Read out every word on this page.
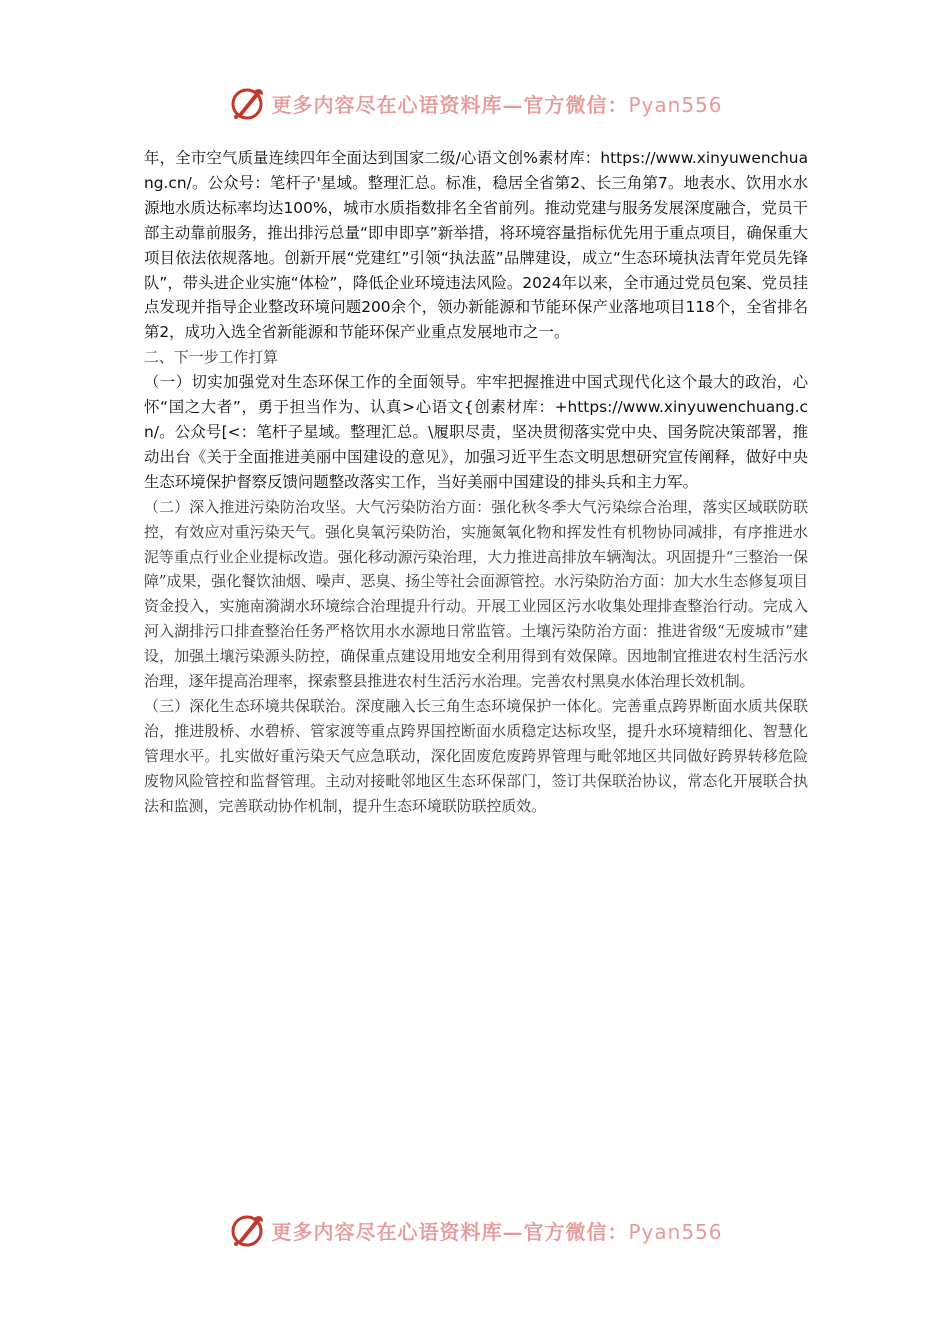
更多内容尽在心语资料库—官方微信：Pyan556

年，全市空气质量连续四年全面达到国家二级/心语文创%素材库：https://www.xinyuwenchuang.cn/。公众号：笔杆子'星域。整理汇总。标准，稳居全省第2、长三角第7。地表水、饮用水水源地水质达标率均达100%，城市水质指数排名全省前列。推动党建与服务发展深度融合，党员干部主动靠前服务，推出排污总量“即申即享”新举措，将环境容量指标优先用于重点项目，确保重大项目依法依规落地。创新开展“党建红”引领“执法蓝”品牌建设，成立“生态环境执法青年党员先锋队”，带头进企业实施“体检”，降低企业环境违法风险。2024年以来，全市通过党员包案、党员挂点发现并指导企业整改环境问题200余个，领办新能源和节能环保产业落地项目118个，全省排名第2，成功入选全省新能源和节能环保产业重点发展地市之一。

二、下一步工作打算

（一）切实加强党对生态环保工作的全面领导。牢牢把握推进中国式现代化这个最大的政治，心怀“国之大者”，勇于担当作为、认真>心语文{创素材库：+https://www.xinyuwenchuang.cn/。公众号[<：笔杆子星域。整理汇总。\履职尽责，坚决贯彻落实党中央、国务院决策部署，推动出台《关于全面推进美丽中国建设的意见》，加强习近平生态文明思想研究宣传阐释，做好中央生态环境保护督察反馈问题整改落实工作，当好美丽中国建设的排头兵和主力军。

（二）深入推进污染防治攻坚。大气污染防治方面：强化秋冬季大气污染综合治理，落实区域联防联控，有效应对重污染天气。强化臭氧污染防治，实施氮氧化物和挥发性有机物协同减排，有序推进水泥等重点行业企业提标改造。强化移动源污染治理，大力推进高排放车辆淘汰。巩固提升“三整治一保障”成果，强化餐饮油烟、噪声、恶臭、扬尘等社会面源管控。水污染防治方面：加大水生态修复项目资金投入，实施南漪湖水环境综合治理提升行动。开展工业园区污水收集处理排查整治行动。完成入河入湖排污口排查整治任务严格饮用水水源地日常监管。土壤污染防治方面：推进省级“无废城市”建设，加强土壤污染源头防控，确保重点建设用地安全利用得到有效保障。因地制宜推进农村生活污水治理，逐年提高治理率，探索整县推进农村生活污水治理。完善农村黑臭水体治理长效机制。

（三）深化生态环境共保联治。深度融入长三角生态环境保护一体化。完善重点跨界断面水质共保联治，推进殷桥、水碧桥、管家渡等重点跨界国控断面水质稳定达标攻坚，提升水环境精细化、智慧化管理水平。扎实做好重污染天气应急联动，深化固废危废跨界管理与毗邻地区共同做好跨界转移危险废物风险管控和监督管理。主动对接毗邻地区生态环保部门，签订共保联治协议，常态化开展联合执法和监测，完善联动协作机制，提升生态环境联防联控质效。

更多内容尽在心语资料库—官方微信：Pyan556
